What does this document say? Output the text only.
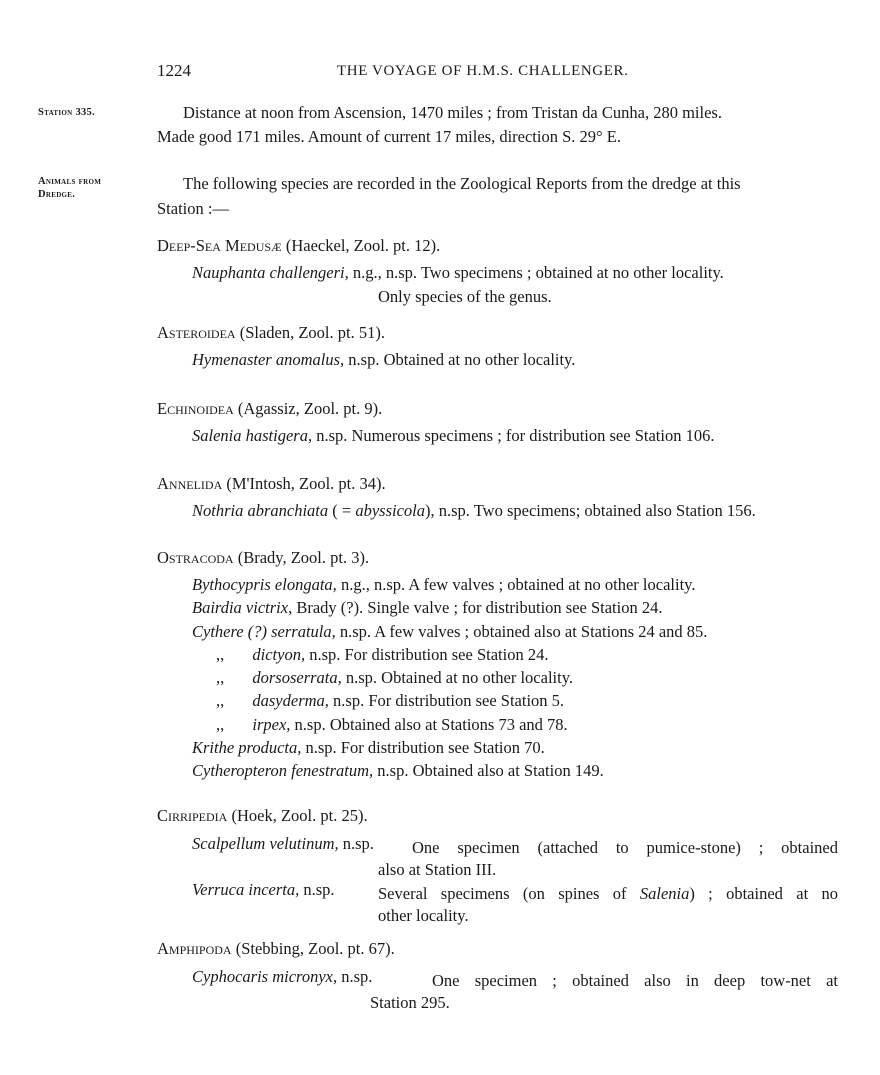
1224	THE VOYAGE OF H.M.S. CHALLENGER.
Station 335.	Distance at noon from Ascension, 1470 miles ; from Tristan da Cunha, 280 miles.
Made good 171 miles. Amount of current 17 miles, direction S. 29° E.
Animals from
Dredge.
The following species are recorded in the Zoological Reports from the dredge at this
Station :—
Deep-Sea Medusæ (Haeckel, Zool. pt. 12).
Nauphanta challengeri, n.g., n.sp. Two specimens ; obtained at no other locality.
Only species of the genus.
Asteroidea (Sladen, Zool. pt. 51).
Hymenaster anomalus, n.sp. Obtained at no other locality.
Echinoidea (Agassiz, Zool. pt. 9).
Salenia hastigera, n.sp. Numerous specimens ; for distribution see Station 106.
Annelida (M'Intosh, Zool. pt. 34).
Nothria abranchiata ( = abyssicola), n.sp. Two specimens; obtained also Station 156.
Ostracoda (Brady, Zool. pt. 3).
Bythocypris elongata, n.g., n.sp. A few valves ; obtained at no other locality.
Bairdia victrix, Brady (?). Single valve ; for distribution see Station 24.
Cythere (?) serratula, n.sp. A few valves ; obtained also at Stations 24 and 85.
,, dictyon, n.sp. For distribution see Station 24.
,, dorsoserrata, n.sp. Obtained at no other locality.
,, dasyderma, n.sp. For distribution see Station 5.
,, irpex, n.sp. Obtained also at Stations 73 and 78.
Krithe producta, n.sp. For distribution see Station 70.
Cytheropteron fenestratum, n.sp. Obtained also at Station 149.
Cirripedia (Hoek, Zool. pt. 25).
Scalpellum velutinum, n.sp. One specimen (attached to pumice-stone) ; obtained
also at Station III.
Verruca incerta, n.sp.	Several specimens (on spines of Salenia) ; obtained at no
other locality.
Amphipoda (Stebbing, Zool. pt. 67).
Cyphocaris micronyx, n.sp.	One specimen ; obtained also in deep tow-net at
Station 295.
